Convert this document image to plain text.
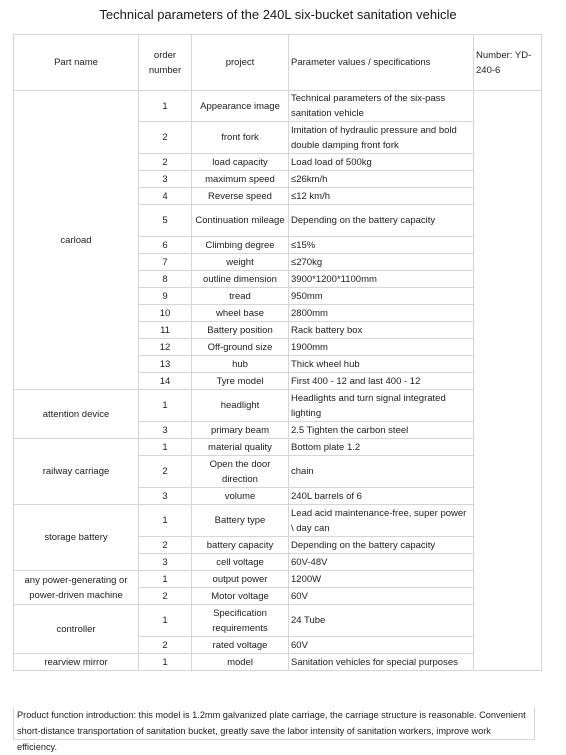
Technical parameters of the 240L six-bucket sanitation vehicle
Part name	order number	project	Parameter values / specifications	Number: YD-240-6
carload	1	Appearance image	Technical parameters of the six-pass sanitation vehicle	
	2	front fork	Imitation of hydraulic pressure and bold double damping front fork	
	2	load capacity	Load load of 500kg	
	3	maximum speed	≤26km/h	
	4	Reverse speed	≤12 km/h	
	5	Continuation mileage	Depending on the battery capacity	
	6	Climbing degree	≤15%	
	7	weight	≤270kg	
	8	outline dimension	3900*1200*1100mm	
	9	tread	950mm	
	10	wheel base	2800mm	
	11	Battery position	Rack battery box	
	12	Off-ground size	1900mm	
	13	hub	Thick wheel hub	
	14	Tyre model	First 400 - 12 and last 400 - 12	
attention device	1	headlight	Headlights and turn signal integrated lighting	
	3	primary beam	2.5 Tighten the carbon steel	
railway carriage	1	material quality	Bottom plate 1.2	
	2	Open the door direction	chain	
	3	volume	240L barrels of 6	
storage battery	1	Battery type	Lead acid maintenance-free, super power \ day can	
	2	battery capacity	Depending on the battery capacity	
	3	cell voltage	60V-48V	
any power-generating or power-driven machine	1	output power	1200W	
	2	Motor voltage	60V	
controller	1	Specification requirements	24 Tube	
	2	rated voltage	60V	
rearview mirror	1	model	Sanitation vehicles for special purposes	
Product function introduction: this model is 1.2mm galvanized plate carriage, the carriage structure is reasonable. Convenient short-distance transportation of sanitation bucket, greatly save the labor intensity of sanitation workers, improve work efficiency.
